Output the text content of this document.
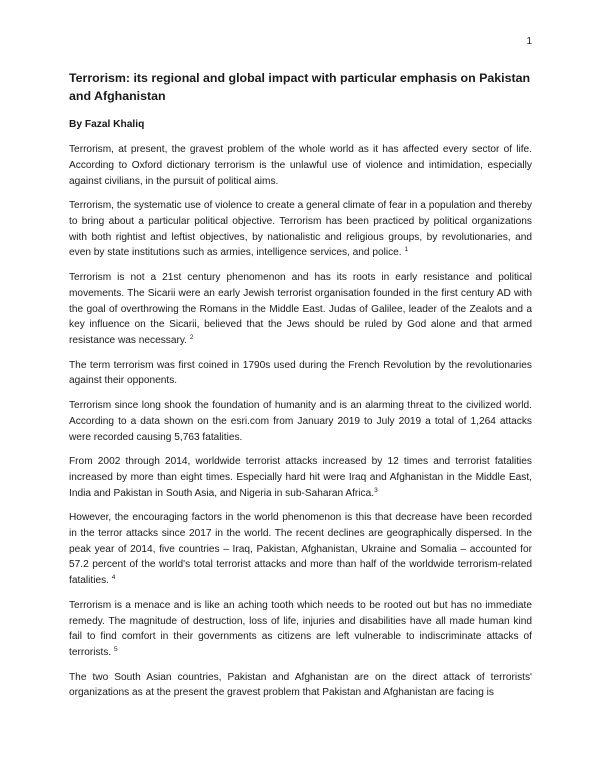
1
Terrorism: its regional and global impact with particular emphasis on Pakistan and Afghanistan

By Fazal Khaliq

Terrorism, at present, the gravest problem of the whole world as it has affected every sector of life. According to Oxford dictionary terrorism is the unlawful use of violence and intimidation, especially against civilians, in the pursuit of political aims.

Terrorism, the systematic use of violence to create a general climate of fear in a population and thereby to bring about a particular political objective. Terrorism has been practiced by political organizations with both rightist and leftist objectives, by nationalistic and religious groups, by revolutionaries, and even by state institutions such as armies, intelligence services, and police. $^1$

Terrorism is not a 21st century phenomenon and has its roots in early resistance and political movements. The Sicarii were an early Jewish terrorist organisation founded in the first century AD with the goal of overthrowing the Romans in the Middle East. Judas of Galilee, leader of the Zealots and a key influence on the Sicarii, believed that the Jews should be ruled by God alone and that armed resistance was necessary. $^2$

The term terrorism was first coined in 1790s used during the French Revolution by the revolutionaries against their opponents.

Terrorism since long shook the foundation of humanity and is an alarming threat to the civilized world. According to a data shown on the esri.com from January 2019 to July 2019 a total of 1,264 attacks were recorded causing 5,763 fatalities.

From 2002 through 2014, worldwide terrorist attacks increased by 12 times and terrorist fatalities increased by more than eight times. Especially hard hit were Iraq and Afghanistan in the Middle East, India and Pakistan in South Asia, and Nigeria in sub-Saharan Africa.$^3$

However, the encouraging factors in the world phenomenon is this that decrease have been recorded in the terror attacks since 2017 in the world. The recent declines are geographically dispersed. In the peak year of 2014, five countries – Iraq, Pakistan, Afghanistan, Ukraine and Somalia – accounted for 57.2 percent of the world's total terrorist attacks and more than half of the worldwide terrorism-related fatalities. $^4$

Terrorism is a menace and is like an aching tooth which needs to be rooted out but has no immediate remedy. The magnitude of destruction, loss of life, injuries and disabilities have all made human kind fail to find comfort in their governments as citizens are left vulnerable to indiscriminate attacks of terrorists. $^5$

The two South Asian countries, Pakistan and Afghanistan are on the direct attack of terrorists' organizations as at the present the gravest problem that Pakistan and Afghanistan are facing is
